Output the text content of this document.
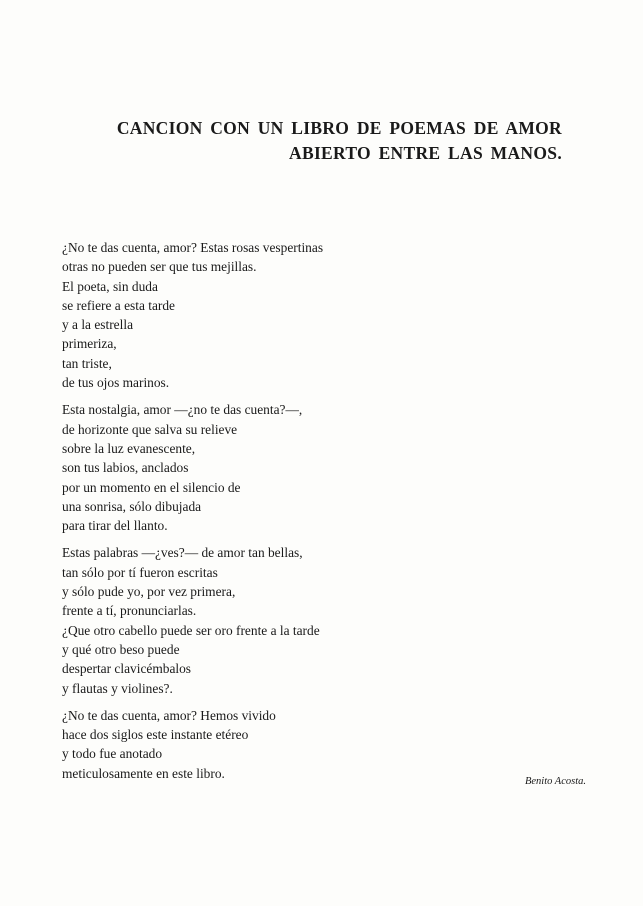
CANCION CON UN LIBRO DE POEMAS DE AMOR
ABIERTO ENTRE LAS MANOS.
¿No te das cuenta, amor? Estas rosas vespertinas
otras no pueden ser que tus mejillas.
El poeta, sin duda
se refiere a esta tarde
y a la estrella
primeriza,
tan triste,
de tus ojos marinos.
Esta nostalgia, amor —¿no te das cuenta?—,
de horizonte que salva su relieve
sobre la luz evanescente,
son tus labios, anclados
por un momento en el silencio de
una sonrisa, sólo dibujada
para tirar del llanto.
Estas palabras —¿ves?— de amor tan bellas,
tan sólo por tí fueron escritas
y sólo pude yo, por vez primera,
frente a tí, pronunciarlas.
¿Que otro cabello puede ser oro frente a la tarde
y qué otro beso puede
despertar clavicémbalos
y flautas y violines?.
¿No te das cuenta, amor? Hemos vivido
hace dos siglos este instante etéreo
y todo fue anotado
meticulosamente en este libro.
Benito Acosta.
